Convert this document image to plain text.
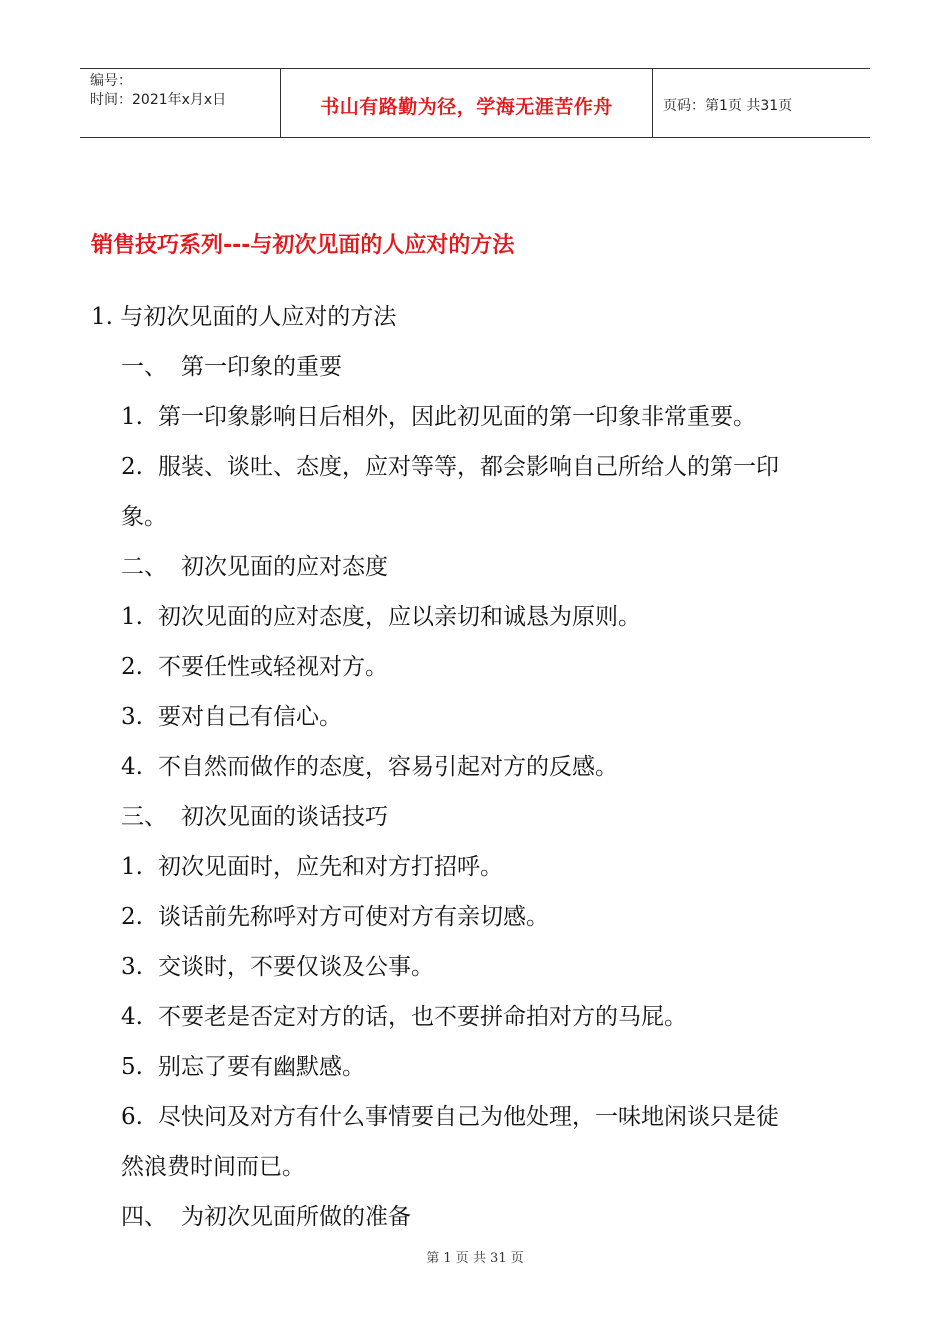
编号：
时间：2021年x月x日	书山有路勤为径，学海无涯苦作舟	页码：第1页 共31页
销售技巧系列---与初次见面的人应对的方法
1. 与初次见面的人应对的方法
一、 第一印象的重要
1. 第一印象影响日后相外，因此初见面的第一印象非常重要。
2. 服装、谈吐、态度，应对等等，都会影响自己所给人的第一印
象。
二、 初次见面的应对态度
1. 初次见面的应对态度，应以亲切和诚恳为原则。
2. 不要任性或轻视对方。
3. 要对自己有信心。
4. 不自然而做作的态度，容易引起对方的反感。
三、 初次见面的谈话技巧
1. 初次见面时，应先和对方打招呼。
2. 谈话前先称呼对方可使对方有亲切感。
3. 交谈时，不要仅谈及公事。
4. 不要老是否定对方的话，也不要拼命拍对方的马屁。
5. 别忘了要有幽默感。
6. 尽快问及对方有什么事情要自己为他处理，一味地闲谈只是徒
然浪费时间而已。
四、 为初次见面所做的准备
第 1 页 共 31 页
